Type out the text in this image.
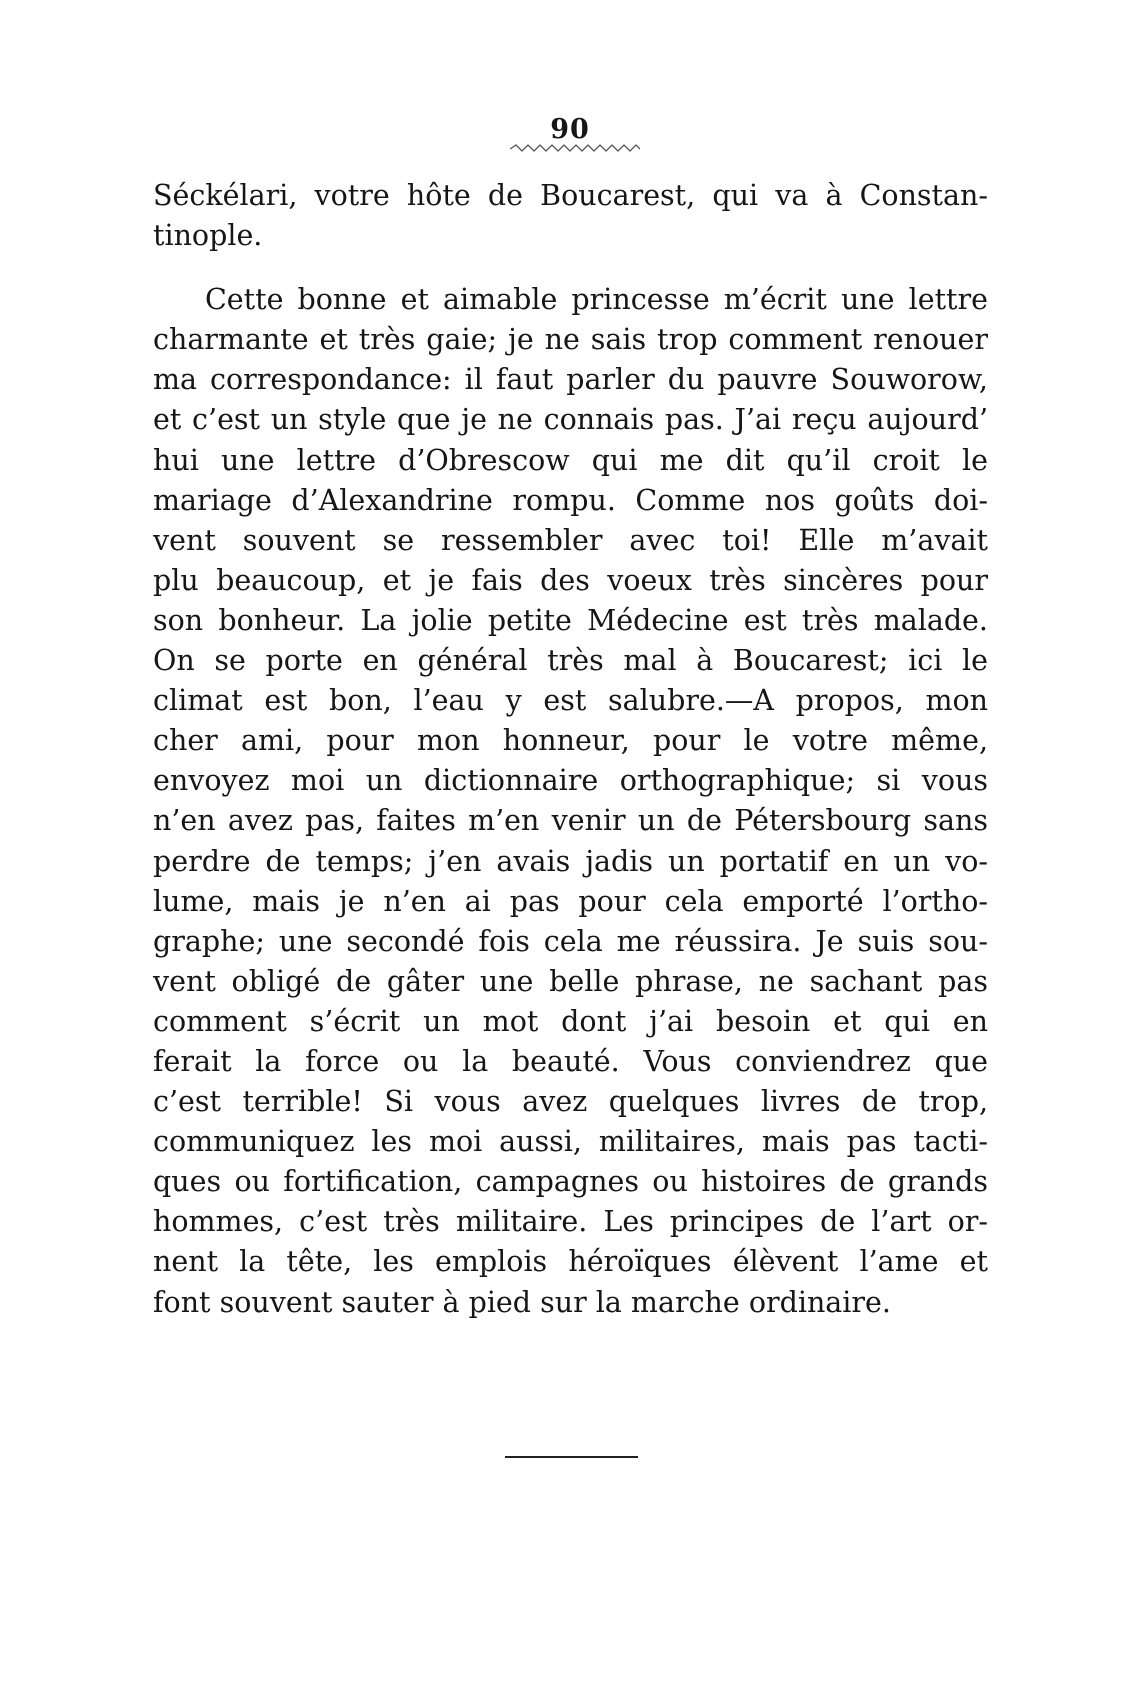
90
Séckélari, votre hôte de Boucarest, qui va à Constan-
tinople.
Cette bonne et aimable princesse m’écrit une lettre
charmante et très gaie; je ne sais trop comment renouer
ma correspondance: il faut parler du pauvre Souworow,
et c’est un style que je ne connais pas. J’ai reçu aujourd’
hui une lettre d’Obrescow qui me dit qu’il croit le
mariage d’Alexandrine rompu. Comme nos goûts doi-
vent souvent se ressembler avec toi! Elle m’avait
plu beaucoup, et je fais des voeux très sincères pour
son bonheur. La jolie petite Médecine est très malade.
On se porte en général très mal à Boucarest; ici le
climat est bon, l’eau y est salubre.—A propos, mon
cher ami, pour mon honneur, pour le votre même,
envoyez moi un dictionnaire orthographique; si vous
n’en avez pas, faites m’en venir un de Pétersbourg sans
perdre de temps; j’en avais jadis un portatif en un vo-
lume, mais je n’en ai pas pour cela emporté l’ortho-
graphe; une secondé fois cela me réussira. Je suis sou-
vent obligé de gâter une belle phrase, ne sachant pas
comment s’écrit un mot dont j’ai besoin et qui en
ferait la force ou la beauté. Vous conviendrez que
c’est terrible! Si vous avez quelques livres de trop,
communiquez les moi aussi, militaires, mais pas tacti-
ques ou fortification, campagnes ou histoires de grands
hommes, c’est très militaire. Les principes de l’art or-
nent la tête, les emplois héroïques élèvent l’ame et
font souvent sauter à pied sur la marche ordinaire.
